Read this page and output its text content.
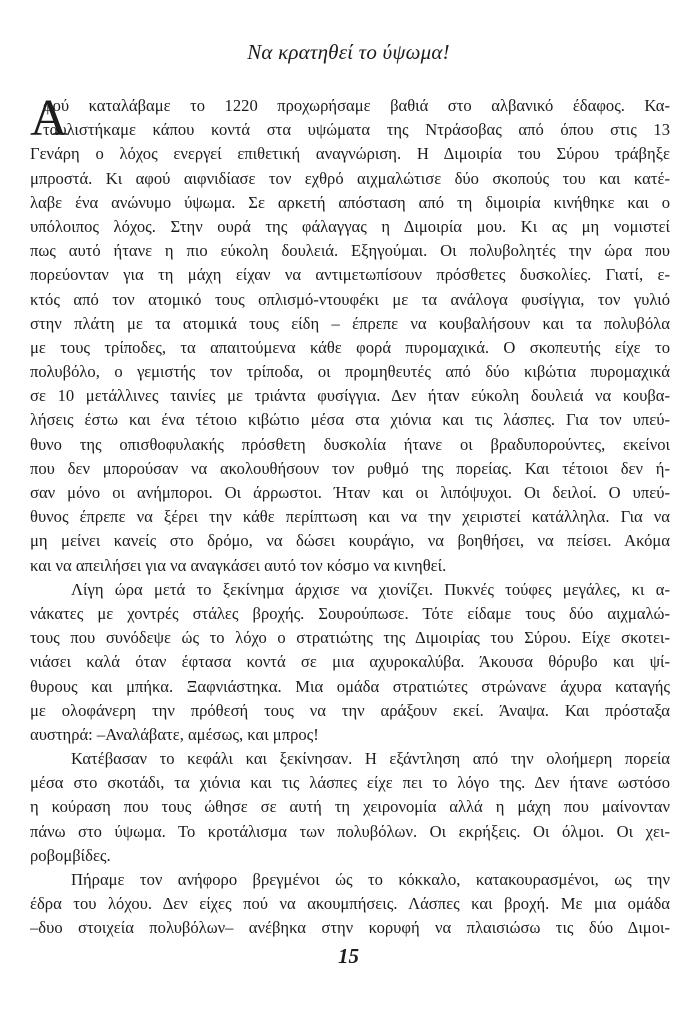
Να κρατηθεί το ύψωμα!
Α
φού καταλάβαμε το 1220 προχωρήσαμε βαθιά στο αλβανικό έδαφος. Κα-
ταυλιστήκαμε κάπου κοντά στα υψώματα της Ντράσοβας από όπου στις 13
Γενάρη ο λόχος ενεργεί επιθετική αναγνώριση. Η Διμοιρία του Σύρου τράβηξε
μπροστά. Κι αφού αιφνιδίασε τον εχθρό αιχμαλώτισε δύο σκοπούς του και κατέ-
λαβε ένα ανώνυμο ύψωμα. Σε αρκετή απόσταση από τη διμοιρία κινήθηκε και ο
υπόλοιπος λόχος. Στην ουρά της φάλαγγας η Διμοιρία μου. Κι ας μη νομιστεί
πως αυτό ήτανε η πιο εύκολη δουλειά. Εξηγούμαι. Οι πολυβολητές την ώρα που
πορεύονταν για τη μάχη είχαν να αντιμετωπίσουν πρόσθετες δυσκολίες. Γιατί, ε-
κτός από τον ατομικό τους οπλισμό-ντουφέκι με τα ανάλογα φυσίγγια, τον γυλιό
στην πλάτη με τα ατομικά τους είδη – έπρεπε να κουβαλήσουν και τα πολυβόλα
με τους τρίποδες, τα απαιτούμενα κάθε φορά πυρομαχικά. Ο σκοπευτής είχε το
πολυβόλο, ο γεμιστής τον τρίποδα, οι προμηθευτές από δύο κιβώτια πυρομαχικά
σε 10 μετάλλινες ταινίες με τριάντα φυσίγγια. Δεν ήταν εύκολη δουλειά να κουβα-
λήσεις έστω και ένα τέτοιο κιβώτιο μέσα στα χιόνια και τις λάσπες. Για τον υπεύ-
θυνο της οπισθοφυλακής πρόσθετη δυσκολία ήτανε οι βραδυπορούντες, εκείνοι
που δεν μπορούσαν να ακολουθήσουν τον ρυθμό της πορείας. Και τέτοιοι δεν ή-
σαν μόνο οι ανήμποροι. Οι άρρωστοι. Ήταν και οι λιπόψυχοι. Οι δειλοί. Ο υπεύ-
θυνος έπρεπε να ξέρει την κάθε περίπτωση και να την χειριστεί κατάλληλα. Για να
μη μείνει κανείς στο δρόμο, να δώσει κουράγιο, να βοηθήσει, να πείσει. Ακόμα
και να απειλήσει για να αναγκάσει αυτό τον κόσμο να κινηθεί.
Λίγη ώρα μετά το ξεκίνημα άρχισε να χιονίζει. Πυκνές τούφες μεγάλες, κι α-
νάκατες με χοντρές στάλες βροχής. Σουρούπωσε. Τότε είδαμε τους δύο αιχμαλώ-
τους που συνόδεψε ώς το λόχο ο στρατιώτης της Διμοιρίας του Σύρου. Είχε σκοτει-
νιάσει καλά όταν έφτασα κοντά σε μια αχυροκαλύβα. Άκουσα θόρυβο και ψί-
θυρους και μπήκα. Ξαφνιάστηκα. Μια ομάδα στρατιώτες στρώνανε άχυρα καταγής
με ολοφάνερη την πρόθεσή τους να την αράξουν εκεί. Άναψα. Και πρόσταξα
αυστηρά: –Αναλάβατε, αμέσως, και μπρος!
Κατέβασαν το κεφάλι και ξεκίνησαν. Η εξάντληση από την ολοήμερη πορεία
μέσα στο σκοτάδι, τα χιόνια και τις λάσπες είχε πει το λόγο της. Δεν ήτανε ωστόσο
η κούραση που τους ώθησε σε αυτή τη χειρονομία αλλά η μάχη που μαίνονταν
πάνω στο ύψωμα. Το κροτάλισμα των πολυβόλων. Οι εκρήξεις. Οι όλμοι. Οι χει-
ροβομβίδες.
Πήραμε τον ανήφορο βρεγμένοι ώς το κόκκαλο, κατακουρασμένοι, ως την
έδρα του λόχου. Δεν είχες πού να ακουμπήσεις. Λάσπες και βροχή. Με μια ομάδα
–δυο στοιχεία πολυβόλων– ανέβηκα στην κορυφή να πλαισιώσω τις δύο Διμοι-
15
